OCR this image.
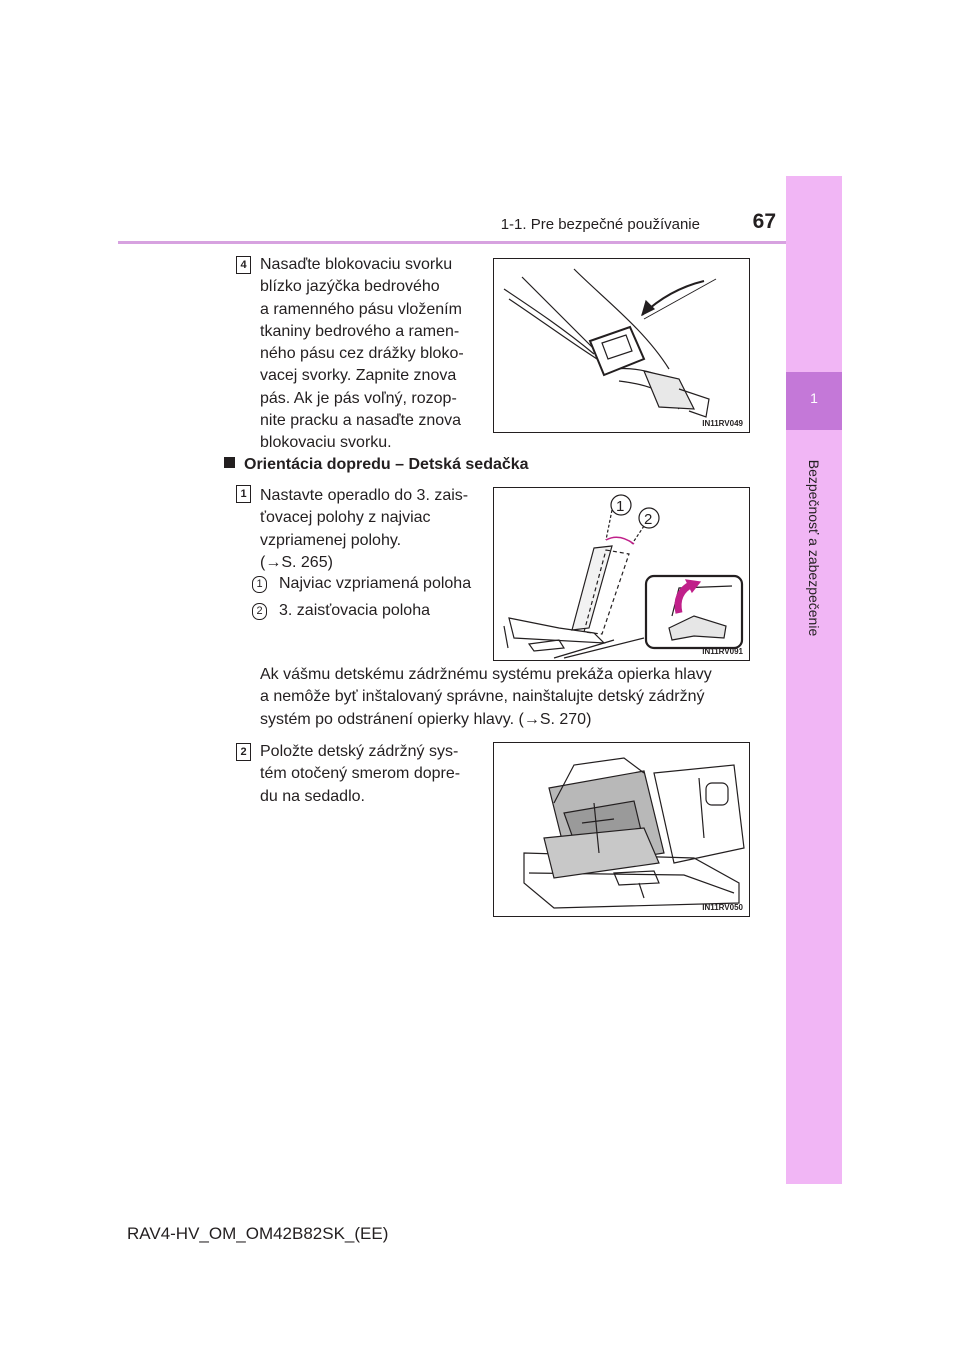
1-1. Pre bezpečné používanie	67
1
Bezpečnosť a zabezpečenie
4 Nasaďte blokovaciu svorku
blízko jazýčka bedrového
a ramenného pásu vložením
tkaniny bedrového a ramen-
ného pásu cez drážky bloko-
vacej svorky. Zapnite znova
pás. Ak je pás voľný, rozop-
nite pracku a nasaďte znova
blokovaciu svorku.
IN11RV049
Orientácia dopredu – Detská sedačka
1 Nastavte operadlo do 3. zais-
ťovacej polohy z najviac
vzpriamenej polohy.
(→S. 265)
1 Najviac vzpriamená poloha
2 3. zaisťovacia poloha
1
2
IN11RV091
Ak vášmu detskému zádržnému systému prekáža opierka hlavy
a nemôže byť inštalovaný správne, nainštalujte detský zádržný
systém po odstránení opierky hlavy. (→S. 270)
2 Položte detský zádržný sys-
tém otočený smerom dopre-
du na sedadlo.
IN11RV050
RAV4-HV_OM_OM42B82SK_(EE)
